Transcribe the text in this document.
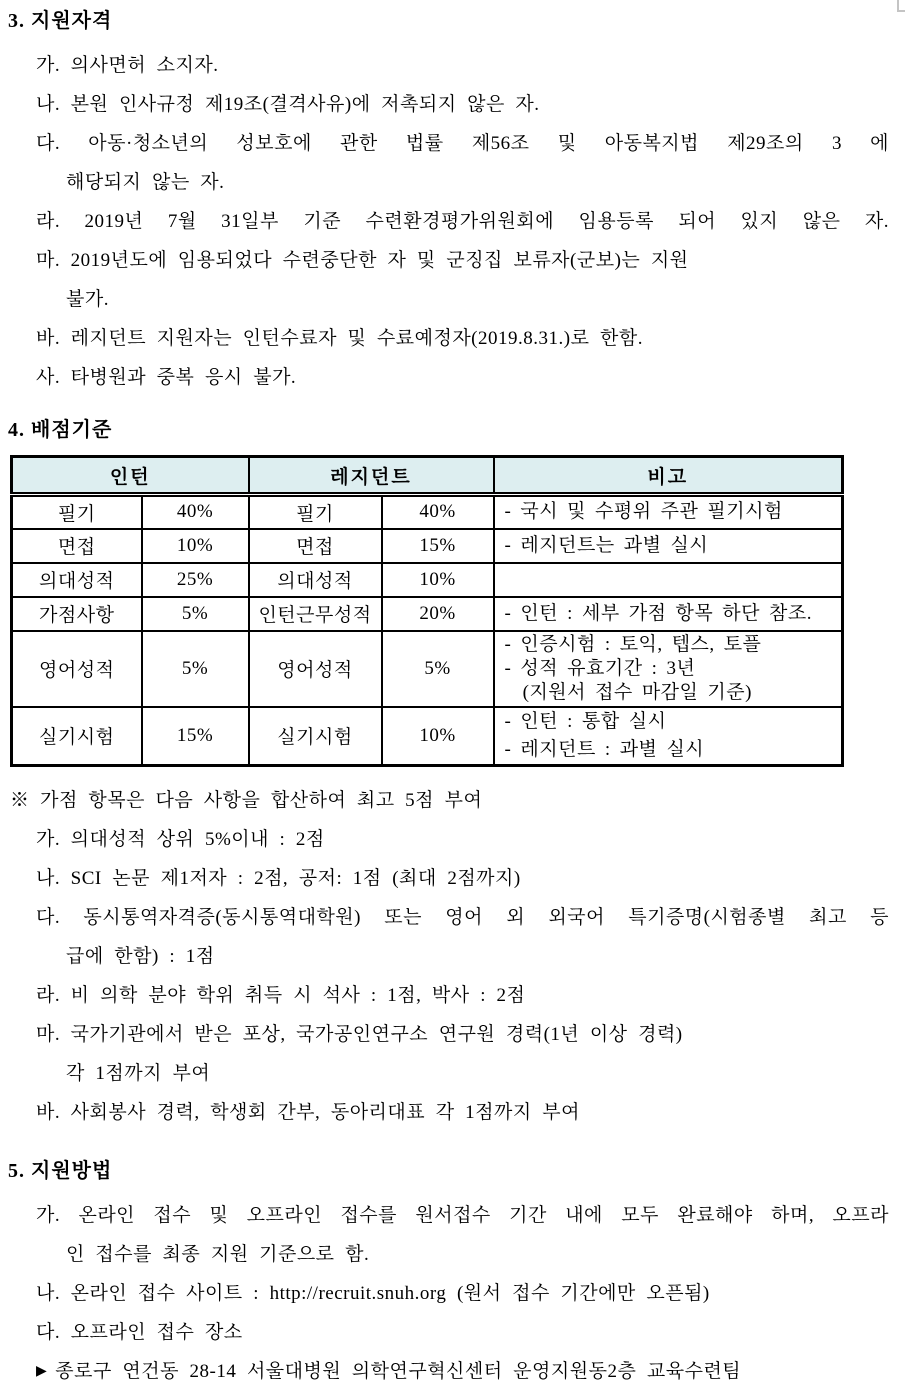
3. 지원자격
가. 의사면허 소지자.
나. 본원 인사규정 제19조(결격사유)에 저촉되지 않은 자.
다. 아동·청소년의 성보호에 관한 법률 제56조 및 아동복지법 제29조의 3 에
해당되지 않는 자.
라. 2019년 7월 31일부 기준 수련환경평가위원회에 임용등록 되어 있지 않은 자.
마. 2019년도에 임용되었다 수련중단한 자 및 군징집 보류자(군보)는 지원
불가.
바. 레지던트 지원자는 인턴수료자 및 수료예정자(2019.8.31.)로 한함.
사. 타병원과 중복 응시 불가.
4. 배점기준
인턴		레지던트		비고
필기	40%	필기	40%	- 국시 및 수평위 주관 필기시험

면접	10%	면접	15%	- 레지던트는 과별 실시

의대성적	25%	의대성적	10%	
가점사항	5%	인턴근무성적	20%	- 인턴 : 세부 가점 항목 하단 참조.

영어성적	5%	영어성적	5%	- 인증시험 : 토익, 텝스, 토플
- 성적 유효기간 : 3년
(지원서 접수 마감일 기준)

실기시험	15%	실기시험	10%	- 인턴 : 통합 실시
- 레지던트 : 과별 실시
※ 가점 항목은 다음 사항을 합산하여 최고 5점 부여
가. 의대성적 상위 5%이내 : 2점
나. SCI 논문 제1저자 : 2점, 공저: 1점 (최대 2점까지)
다. 동시통역자격증(동시통역대학원) 또는 영어 외 외국어 특기증명(시험종별 최고 등
급에 한함) : 1점
라. 비 의학 분야 학위 취득 시 석사 : 1점, 박사 : 2점
마. 국가기관에서 받은 포상, 국가공인연구소 연구원 경력(1년 이상 경력)
각 1점까지 부여
바. 사회봉사 경력, 학생회 간부, 동아리대표 각 1점까지 부여
5. 지원방법
가. 온라인 접수 및 오프라인 접수를 원서접수 기간 내에 모두 완료해야 하며, 오프라
인 접수를 최종 지원 기준으로 함.
나. 온라인 접수 사이트 : http://recruit.snuh.org (원서 접수 기간에만 오픈됨)
다. 오프라인 접수 장소
▶ 종로구 연건동 28-14 서울대병원 의학연구혁신센터 운영지원동2층 교육수련팀
